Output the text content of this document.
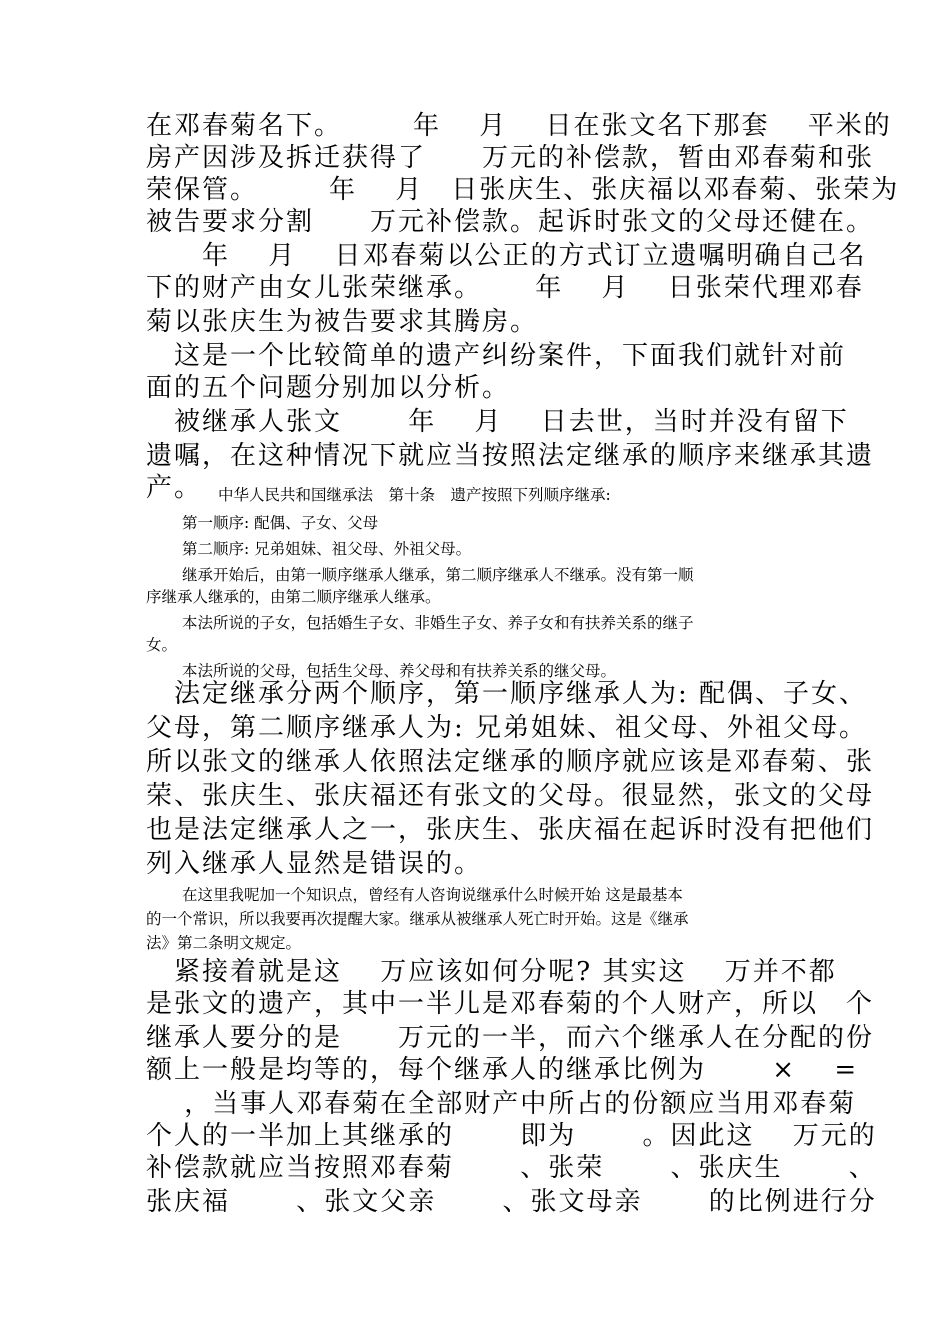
在邓春菊名下。　　　年　 月　 日在张文名下那套　 平米的
房产因涉及拆迁获得了　　万元的补偿款，暂由邓春菊和张
荣保管。　　　年　 月　日张庆生、张庆福以邓春菊、张荣为
被告要求分割　　万元补偿款。起诉时张文的父母还健在。
　　年　 月　 日邓春菊以公正的方式订立遗嘱明确自己名
下的财产由女儿张荣继承。　　 年　 月　 日张荣代理邓春
菊以张庆生为被告要求其腾房。
　这是一个比较简单的遗产纠纷案件，下面我们就针对前
面的五个问题分别加以分析。
　被继承人张文　　 年　 月　 日去世，当时并没有留下
遗嘱，在这种情况下就应当按照法定继承的顺序来继承其遗
产。 中华人民共和国继承法　第十条　遗产按照下列顺序继承:
第一顺序: 配偶、子女、父母
第二顺序: 兄弟姐妹、祖父母、外祖父母。
继承开始后，由第一顺序继承人继承，第二顺序继承人不继承。没有第一顺
序继承人继承的，由第二顺序继承人继承。
本法所说的子女，包括婚生子女、非婚生子女、养子女和有扶养关系的继子
女。
本法所说的父母，包括生父母、养父母和有扶养关系的继父母。
　法定继承分两个顺序，第一顺序继承人为: 配偶、子女、
父母，第二顺序继承人为: 兄弟姐妹、祖父母、外祖父母。
所以张文的继承人依照法定继承的顺序就应该是邓春菊、张
荣、张庆生、张庆福还有张文的父母。很显然，张文的父母
也是法定继承人之一，张庆生、张庆福在起诉时没有把他们
列入继承人显然是错误的。
在这里我呢加一个知识点，曾经有人咨询说继承什么时候开始 这是最基本
的一个常识，所以我要再次提醒大家。继承从被继承人死亡时开始。这是《继承
法》第二条明文规定。
　紧接着就是这　 万应该如何分呢? 其实这　 万并不都
是张文的遗产，其中一半儿是邓春菊的个人财产，所以　个
继承人要分的是　　万元的一半，而六个继承人在分配的份
额上一般是均等的，每个继承人的继承比例为　　 ×　 =
　 ，当事人邓春菊在全部财产中所占的份额应当用邓春菊
个人的一半加上其继承的　　 即为　　 。因此这　 万元的
补偿款就应当按照邓春菊　　 、张荣　　 、张庆生　　 、
张庆福　　 、张文父亲　　 、张文母亲　　 的比例进行分
